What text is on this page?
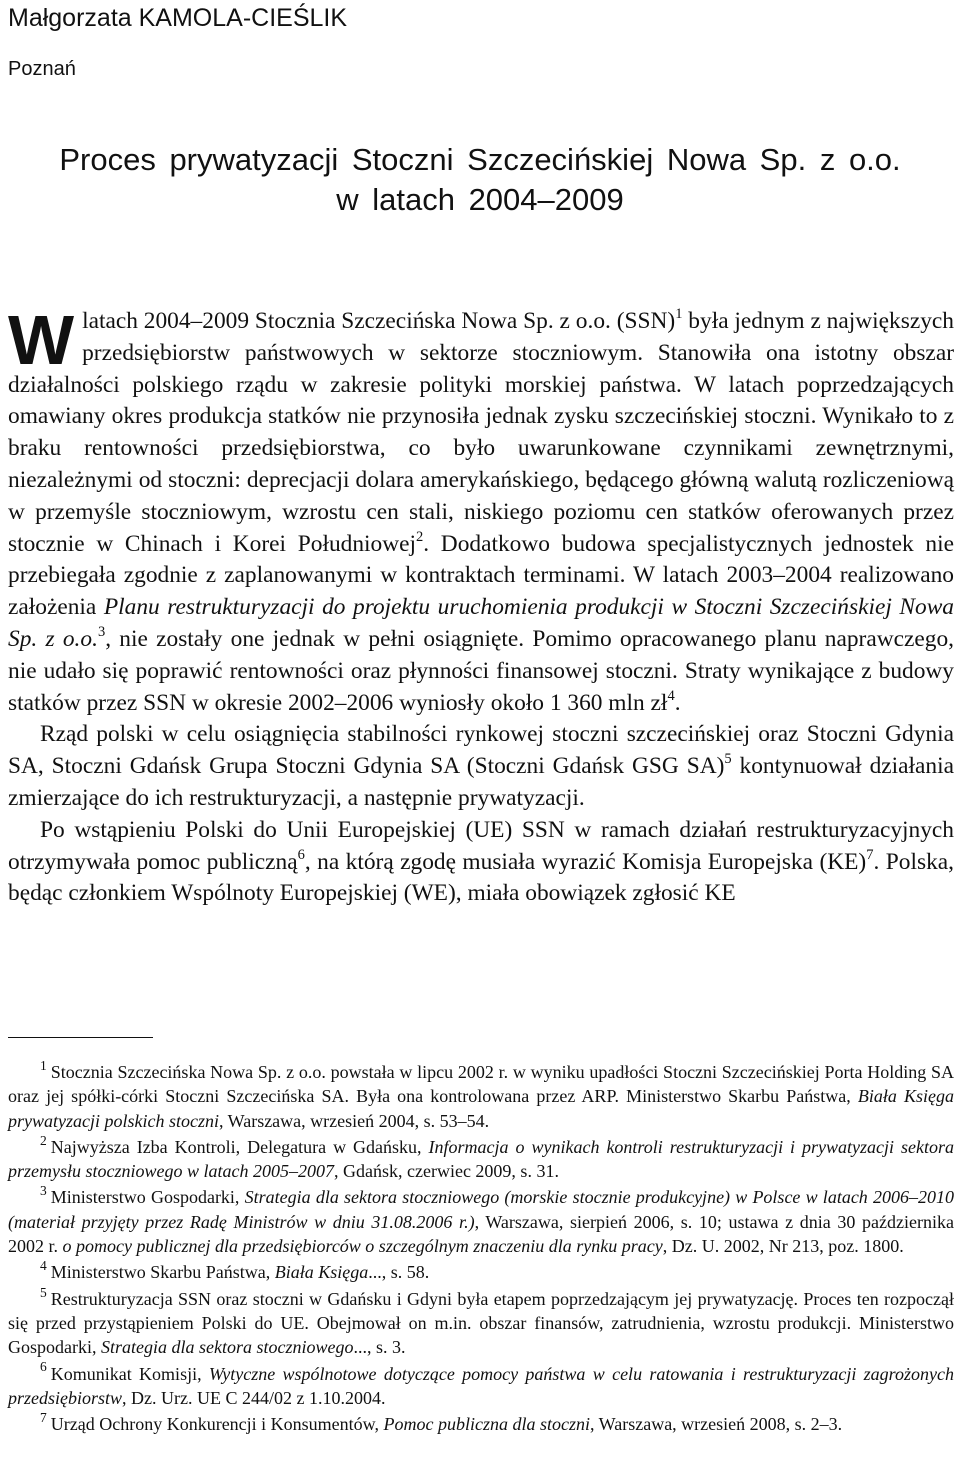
Małgorzata KAMOLA-CIEŚLIK
Poznań
Proces prywatyzacji Stoczni Szczecińskiej Nowa Sp. z o.o.
w latach 2004–2009

W latach 2004–2009 Stocznia Szczecińska Nowa Sp. z o.o. (SSN)$^1$ była jednym z największych przedsiębiorstw państwowych w sektorze stoczniowym. Stanowiła ona istotny obszar działalności polskiego rządu w zakresie polityki morskiej państwa. W latach poprzedzających omawiany okres produkcja statków nie przynosiła jednak zysku szczecińskiej stoczni. Wynikało to z braku rentowności przedsiębiorstwa, co było uwarunkowane czynnikami zewnętrznymi, niezależnymi od stoczni: deprecjacji dolara amerykańskiego, będącego główną walutą rozliczeniową w przemyśle stoczniowym, wzrostu cen stali, niskiego poziomu cen statków oferowanych przez stocznie w Chinach i Korei Południowej$^2$. Dodatkowo budowa specjalistycznych jednostek nie przebiegała zgodnie z zaplanowanymi w kontraktach terminami. W latach 2003–2004 realizowano założenia Planu restrukturyzacji do projektu uruchomienia produkcji w Stoczni Szczecińskiej Nowa Sp. z o.o.$^3$, nie zostały one jednak w pełni osiągnięte. Pomimo opracowanego planu naprawczego, nie udało się poprawić rentowności oraz płynności finansowej stoczni. Straty wynikające z budowy statków przez SSN w okresie 2002–2006 wyniosły około 1 360 mln $zł^4$.

Rząd polski w celu osiągnięcia stabilności rynkowej stoczni szczecińskiej oraz Stoczni Gdynia SA, Stoczni Gdańsk Grupa Stoczni Gdynia SA (Stoczni Gdańsk GSG SA)$^5$ kontynuował działania zmierzające do ich restrukturyzacji, a następnie prywatyzacji.

Po wstąpieniu Polski do Unii Europejskiej (UE) SSN w ramach działań restrukturyzacyjnych otrzymywała pomoc publiczną$^6$, na którą zgodę musiała wyrazić Komisja Europejska (KE)$^7$. Polska, będąc członkiem Wspólnoty Europejskiej (WE), miała obowiązek zgłosić KE

$^1$ Stocznia Szczecińska Nowa Sp. z o.o. powstała w lipcu 2002 r. w wyniku upadłości Stoczni Szczecińskiej Porta Holding SA oraz jej spółki-córki Stoczni Szczecińska SA. Była ona kontrolowana przez ARP. Ministerstwo Skarbu Państwa, Biała Księga prywatyzacji polskich stoczni, Warszawa, wrzesień 2004, s. 53–54.

$^2$ Najwyższa Izba Kontroli, Delegatura w Gdańsku, Informacja o wynikach kontroli restrukturyzacji i prywatyzacji sektora przemysłu stoczniowego w latach 2005–2007, Gdańsk, czerwiec 2009, s. 31.

$^3$ Ministerstwo Gospodarki, Strategia dla sektora stoczniowego (morskie stocznie produkcyjne) w Polsce w latach 2006–2010 (materiał przyjęty przez Radę Ministrów w dniu 31.08.2006 r.), Warszawa, sierpień 2006, s. 10; ustawa z dnia 30 października 2002 r. o pomocy publicznej dla przedsiębiorców o szczególnym znaczeniu dla rynku pracy, Dz. U. 2002, Nr 213, poz. 1800.

$^4$ Ministerstwo Skarbu Państwa, Biała Księga..., s. 58.

$^5$ Restrukturyzacja SSN oraz stoczni w Gdańsku i Gdyni była etapem poprzedzającym jej prywatyzację. Proces ten rozpoczął się przed przystąpieniem Polski do UE. Obejmował on m.in. obszar finansów, zatrudnienia, wzrostu produkcji. Ministerstwo Gospodarki, Strategia dla sektora stoczniowego..., s. 3.

$^6$ Komunikat Komisji, Wytyczne wspólnotowe dotyczące pomocy państwa w celu ratowania i restrukturyzacji zagrożonych przedsiębiorstw, Dz. Urz. UE C 244/02 z 1.10.2004.

$^7$ Urząd Ochrony Konkurencji i Konsumentów, Pomoc publiczna dla stoczni, Warszawa, wrzesień 2008, s. 2–3.
